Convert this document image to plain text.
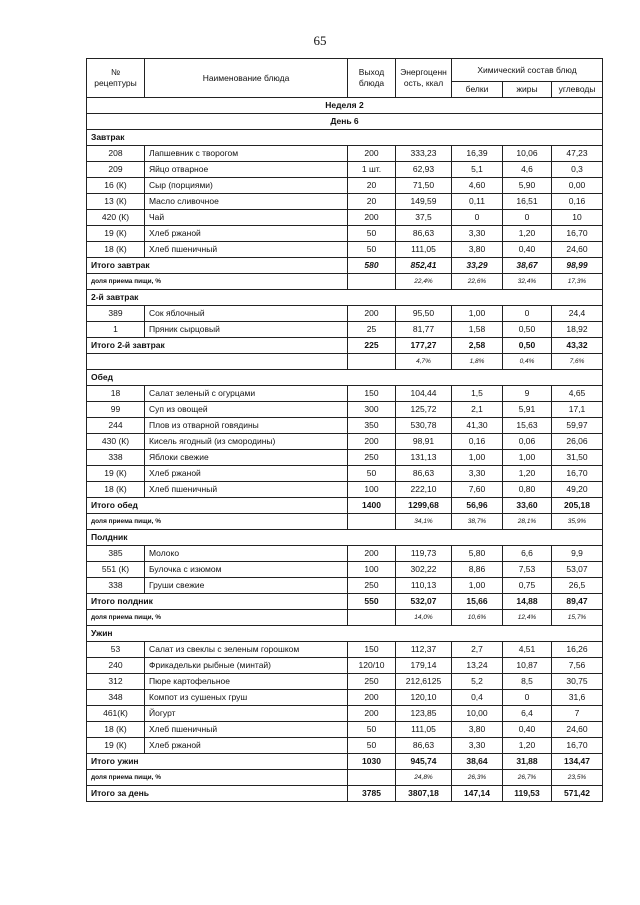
65
№ рецептуры	Наименование блюда	Выход блюда	Энергоценн ость, ккал	Химический состав блюд		
				белки	жиры	углеводы
Неделя 2						
День 6						
Завтрак						
208	Лапшевник с творогом	200	333,23	16,39	10,06	47,23
209	Яйцо отварное	1 шт.	62,93	5,1	4,6	0,3
16 (К)	Сыр (порциями)	20	71,50	4,60	5,90	0,00
13 (К)	Масло сливочное	20	149,59	0,11	16,51	0,16
420 (К)	Чай	200	37,5	0	0	10
19 (К)	Хлеб ржаной	50	86,63	3,30	1,20	16,70
18 (К)	Хлеб пшеничный	50	111,05	3,80	0,40	24,60
Итого завтрак		580	852,41	33,29	38,67	98,99
доля приема пищи, %			22,4%	22,6%	32,4%	17,3%
2-й завтрак						
389	Сок яблочный	200	95,50	1,00	0	24,4
1	Пряник сырцовый	25	81,77	1,58	0,50	18,92
Итого 2-й завтрак		225	177,27	2,58	0,50	43,32
			4,7%	1,8%	0,4%	7,6%
Обед						
18	Салат зеленый с огурцами	150	104,44	1,5	9	4,65
99	Суп из овощей	300	125,72	2,1	5,91	17,1
244	Плов из отварной говядины	350	530,78	41,30	15,63	59,97
430 (К)	Кисель ягодный (из смородины)	200	98,91	0,16	0,06	26,06
338	Яблоки свежие	250	131,13	1,00	1,00	31,50
19 (К)	Хлеб ржаной	50	86,63	3,30	1,20	16,70
18 (К)	Хлеб пшеничный	100	222,10	7,60	0,80	49,20
Итого обед		1400	1299,68	56,96	33,60	205,18
доля приема пищи, %			34,1%	38,7%	28,1%	35,9%
Полдник						
385	Молоко	200	119,73	5,80	6,6	9,9
551 (К)	Булочка с изюмом	100	302,22	8,86	7,53	53,07
338	Груши свежие	250	110,13	1,00	0,75	26,5
Итого полдник		550	532,07	15,66	14,88	89,47
доля приема пищи, %			14,0%	10,6%	12,4%	15,7%
Ужин						
53	Салат из свеклы с зеленым горошком	150	112,37	2,7	4,51	16,26
240	Фрикадельки рыбные (минтай)	120/10	179,14	13,24	10,87	7,56
312	Пюре картофельное	250	212,6125	5,2	8,5	30,75
348	Компот из сушеных груш	200	120,10	0,4	0	31,6
461(К)	Йогурт	200	123,85	10,00	6,4	7
18 (К)	Хлеб пшеничный	50	111,05	3,80	0,40	24,60
19 (К)	Хлеб ржаной	50	86,63	3,30	1,20	16,70
Итого ужин		1030	945,74	38,64	31,88	134,47
доля приема пищи, %			24,8%	26,3%	26,7%	23,5%
Итого за день		3785	3807,18	147,14	119,53	571,42
